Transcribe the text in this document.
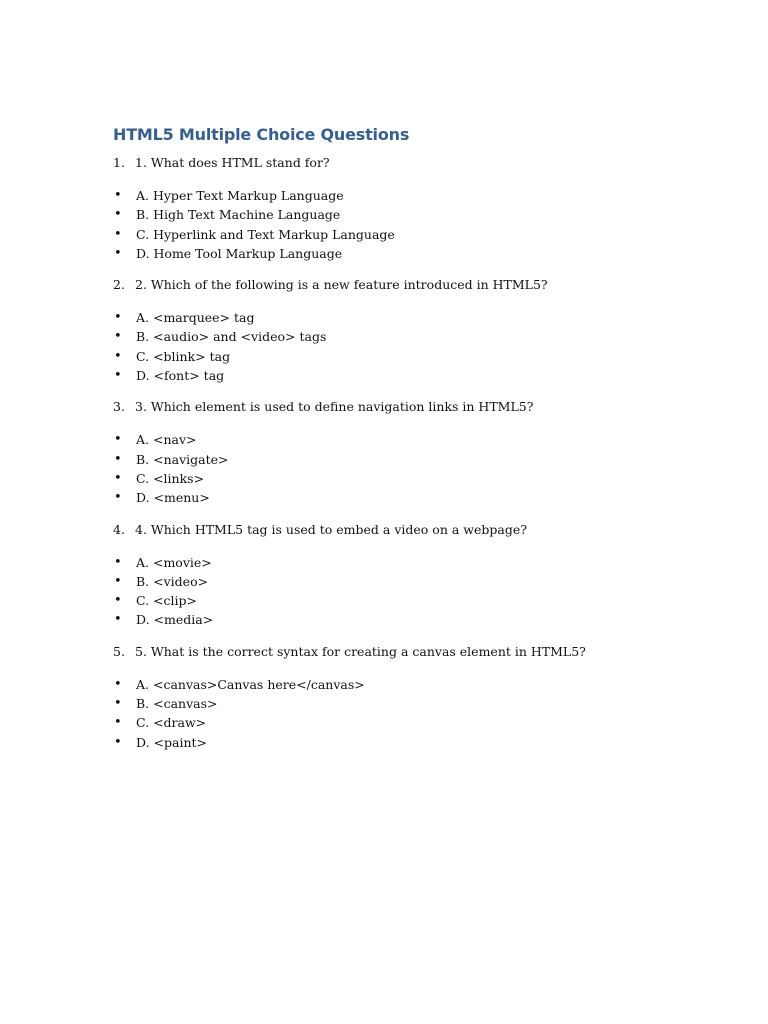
HTML5 Multiple Choice Questions
1. 1. What does HTML stand for?
•	A. Hyper Text Markup Language
•	B. High Text Machine Language
•	C. Hyperlink and Text Markup Language
•	D. Home Tool Markup Language
2. 2. Which of the following is a new feature introduced in HTML5?
•	A. <marquee> tag
•	B. <audio> and <video> tags
•	C. <blink> tag
•	D. <font> tag
3. 3. Which element is used to define navigation links in HTML5?
•	A. <nav>
•	B. <navigate>
•	C. <links>
•	D. <menu>
4. 4. Which HTML5 tag is used to embed a video on a webpage?
•	A. <movie>
•	B. <video>
•	C. <clip>
•	D. <media>
5. 5. What is the correct syntax for creating a canvas element in HTML5?
•	A. <canvas>Canvas here</canvas>
•	B. <canvas>
•	C. <draw>
•	D. <paint>
